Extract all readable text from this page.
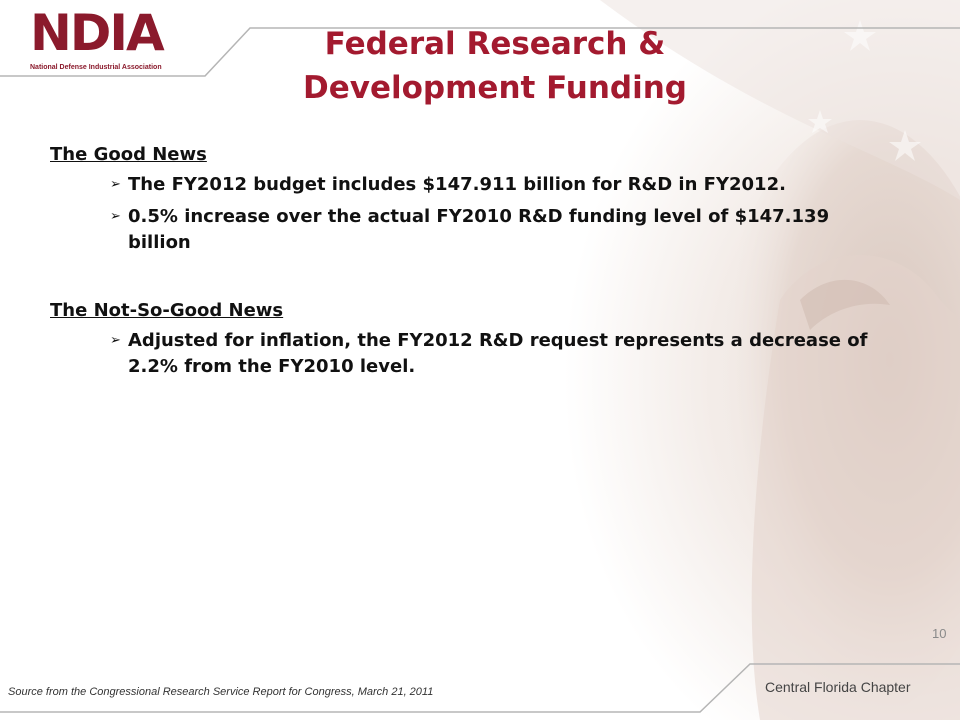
NDIA
National Defense Industrial Association
Federal Research & Development Funding
The Good News
➢ The FY2012 budget includes $147.911 billion for R&D in FY2012.
➢ 0.5% increase over the actual FY2010 R&D funding level of $147.139 billion
The Not-So-Good News
➢ Adjusted for inflation, the FY2012 R&D request represents a decrease of 2.2% from the FY2010 level.
10
Source from the Congressional Research Service Report for Congress, March 21, 2011	Central Florida Chapter
